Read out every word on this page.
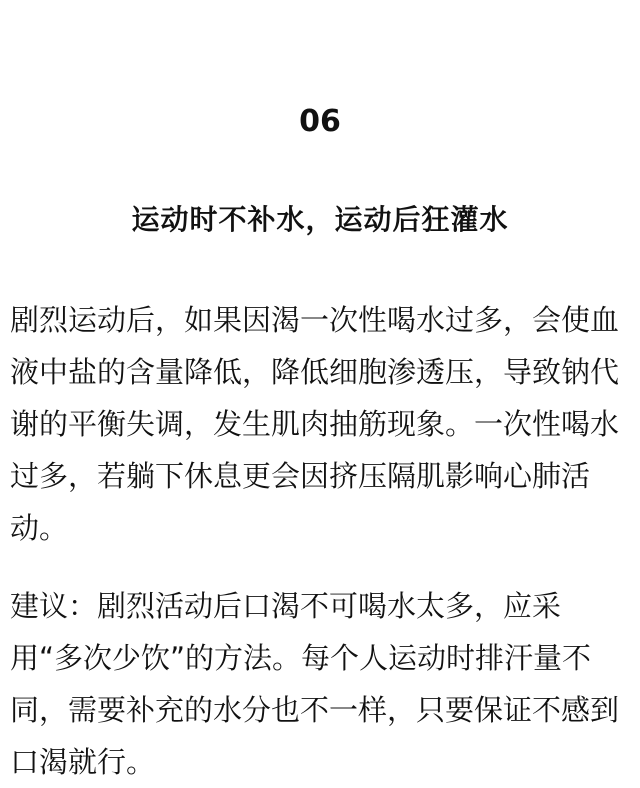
06
运动时不补水，运动后狂灌水

剧烈运动后，如果因渴一次性喝水过多，会使血液中盐的含量降低，降低细胞渗透压，导致钠代谢的平衡失调，发生肌肉抽筋现象。一次性喝水过多，若躺下休息更会因挤压隔肌影响心肺活动。

建议：剧烈活动后口渴不可喝水太多，应采用“多次少饮”的方法。每个人运动时排汗量不同，需要补充的水分也不一样，只要保证不感到口渴就行。
